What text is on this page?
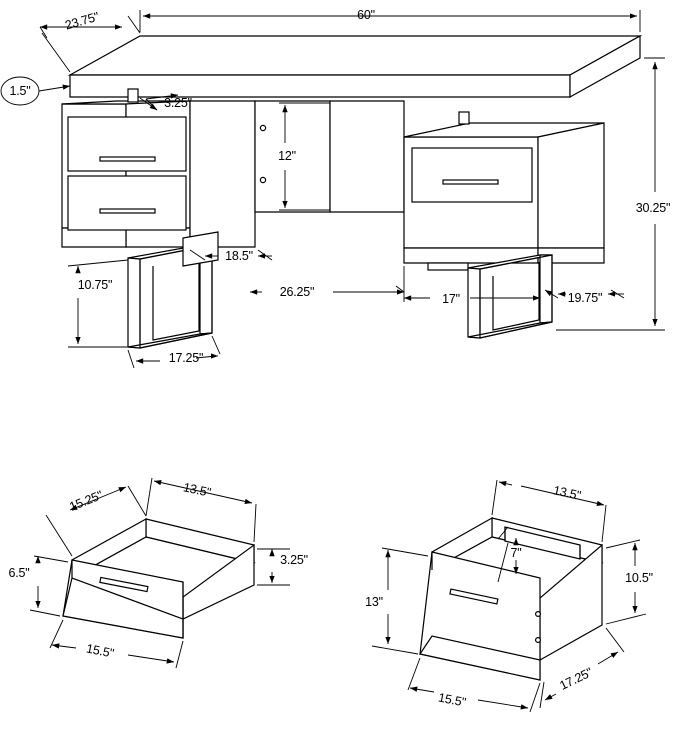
60"
23.75"
1.5"
3.25"
12"
30.25"
18.5"
10.75"	26.25"	17"	19.75"
17.25"
15.25"	13.5"
3.25"
6.5"
15.5"
13.5"
7"
10.5"
13"
15.5"
17.25"
